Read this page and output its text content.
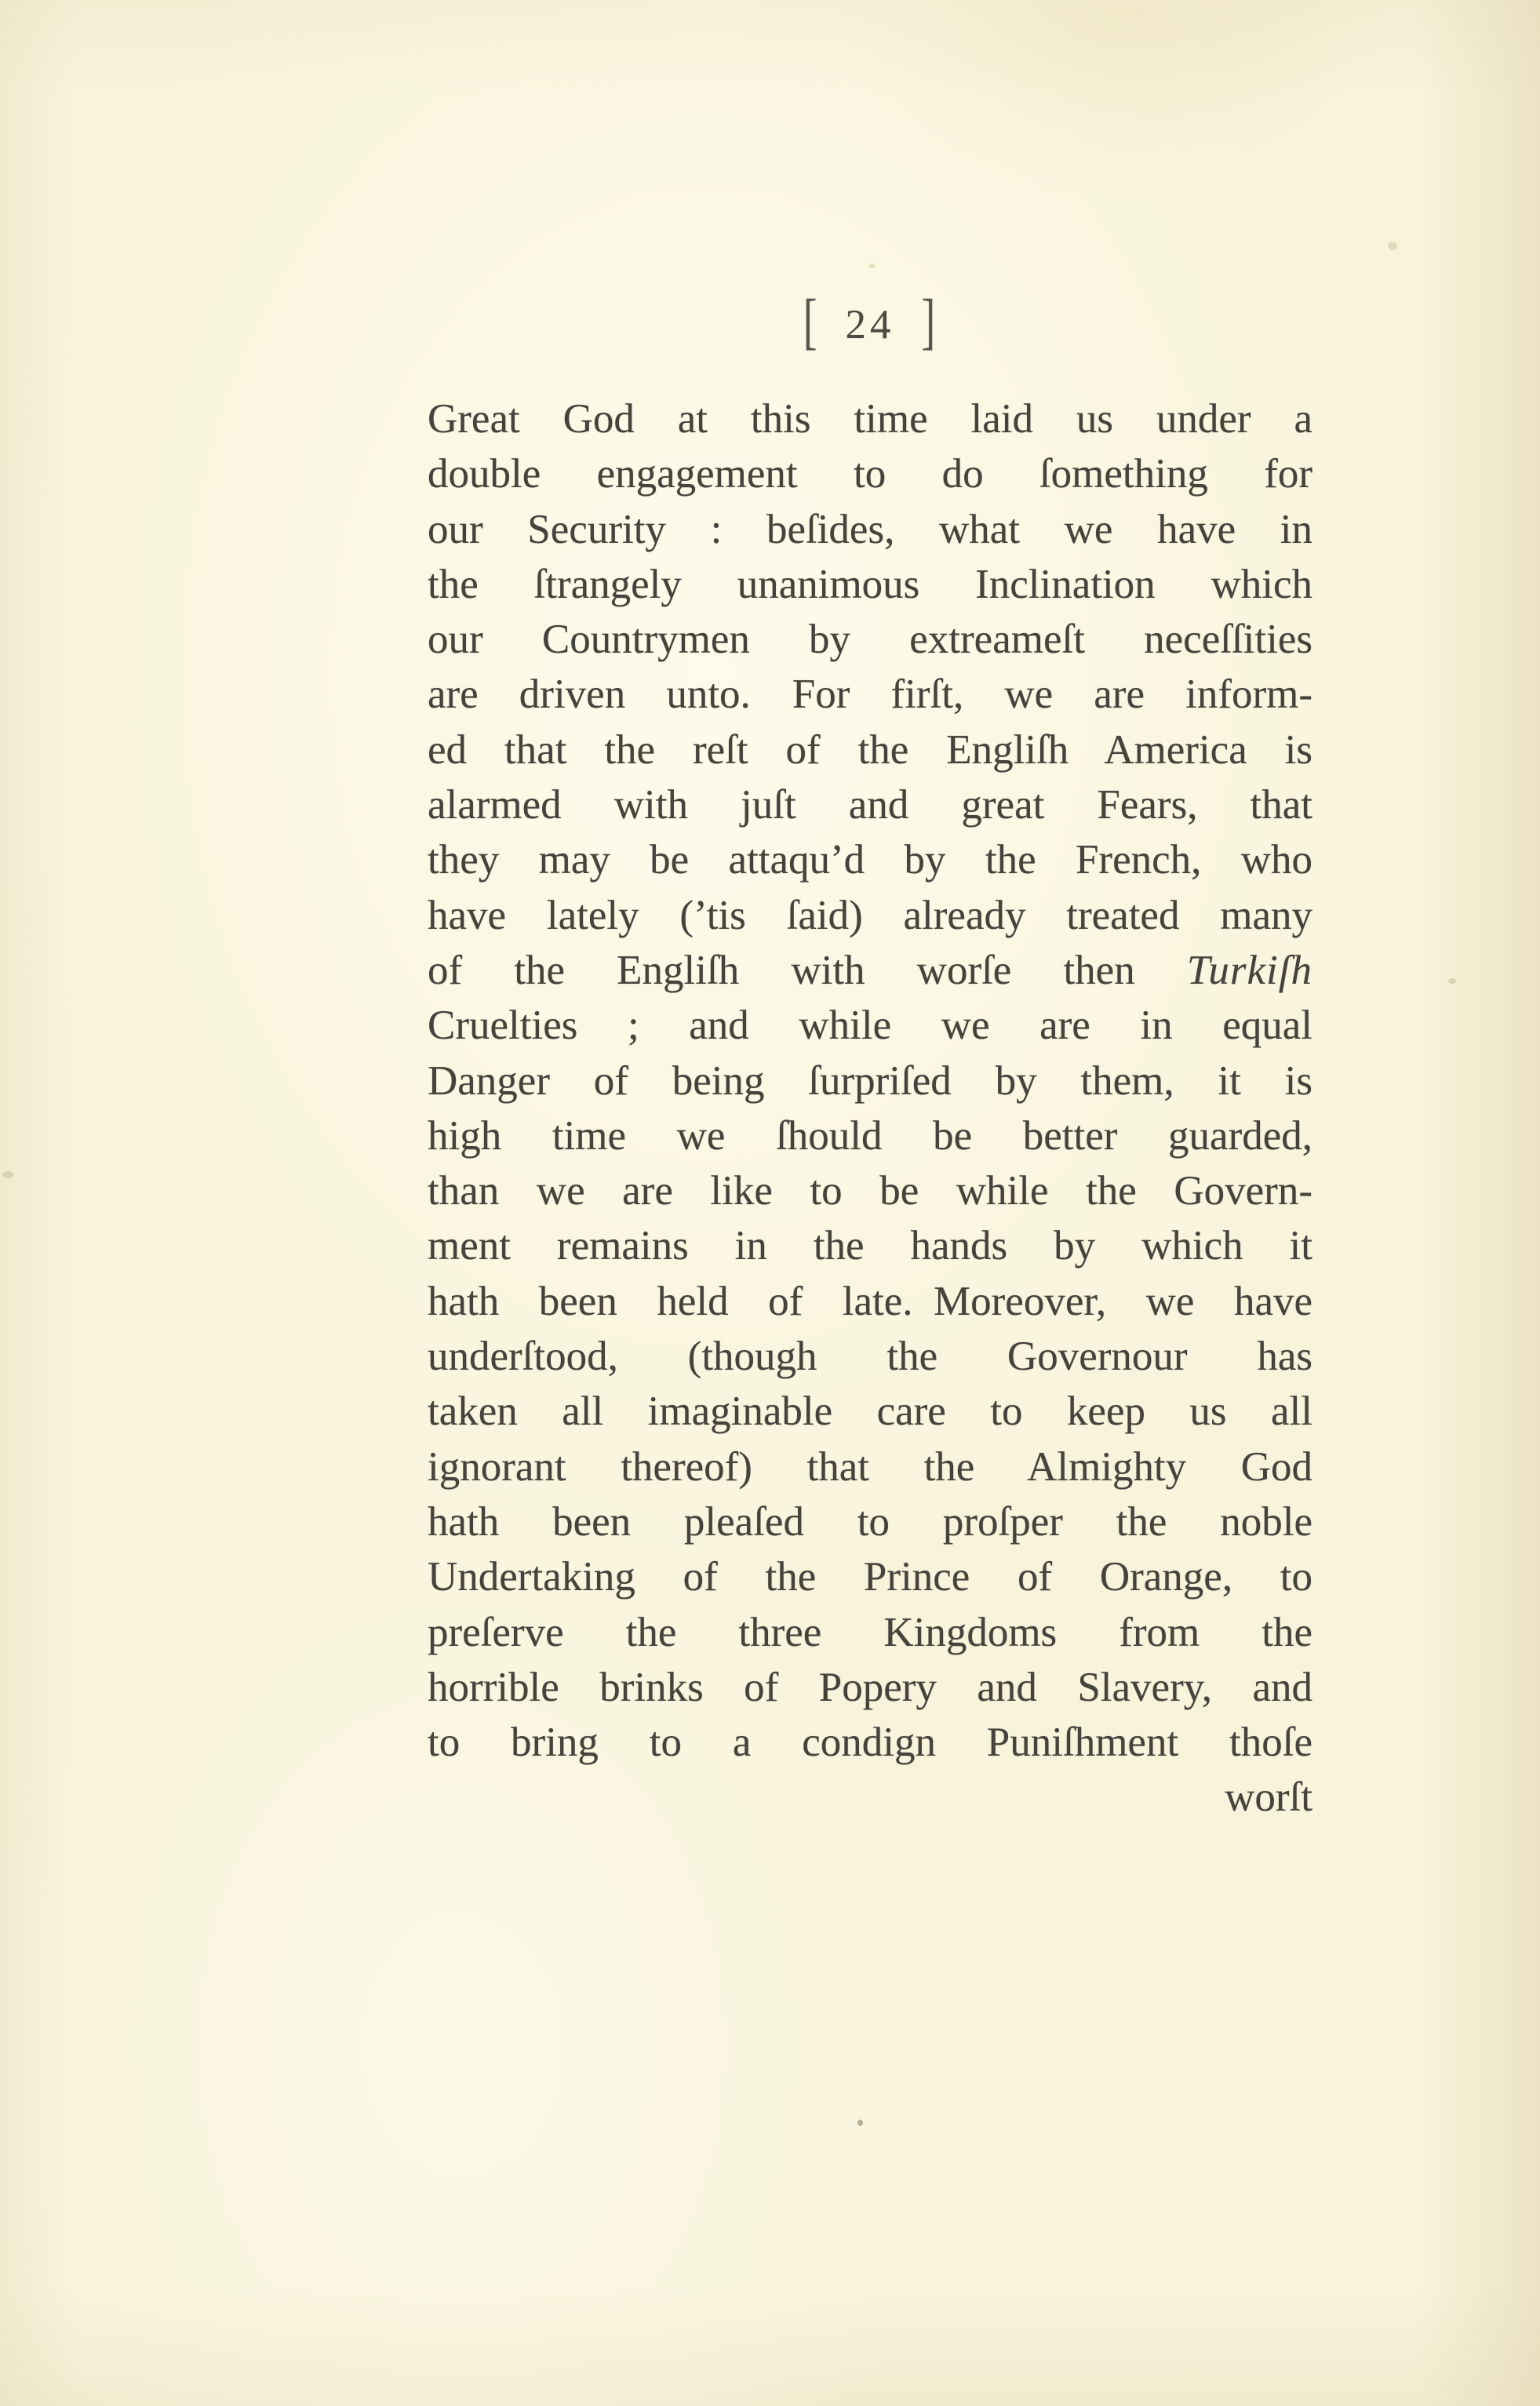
[ 24 ]
Great God at this time laid us under a
double engagement to do ſomething for
our Security : beſides, what we have in
the ſtrangely unanimous Inclination which
our Countrymen by extreameſt neceſſities
are driven unto. For firſt, we are inform-
ed that the reſt of the Engliſh America is
alarmed with juſt and great Fears, that
they may be attaqu’d by the French, who
have lately (’tis ſaid) already treated many
of the Engliſh with worſe then Turkiſh
Cruelties ; and while we are in equal
Danger of being ſurpriſed by them, it is
high time we ſhould be better guarded,
than we are like to be while the Govern-
ment remains in the hands by which it
hath been held of late. Moreover, we have
underſtood, (though the Governour has
taken all imaginable care to keep us all
ignorant thereof) that the Almighty God
hath been pleaſed to proſper the noble
Undertaking of the Prince of Orange, to
preſerve the three Kingdoms from the
horrible brinks of Popery and Slavery, and
to bring to a condign Puniſhment thoſe
worſt
